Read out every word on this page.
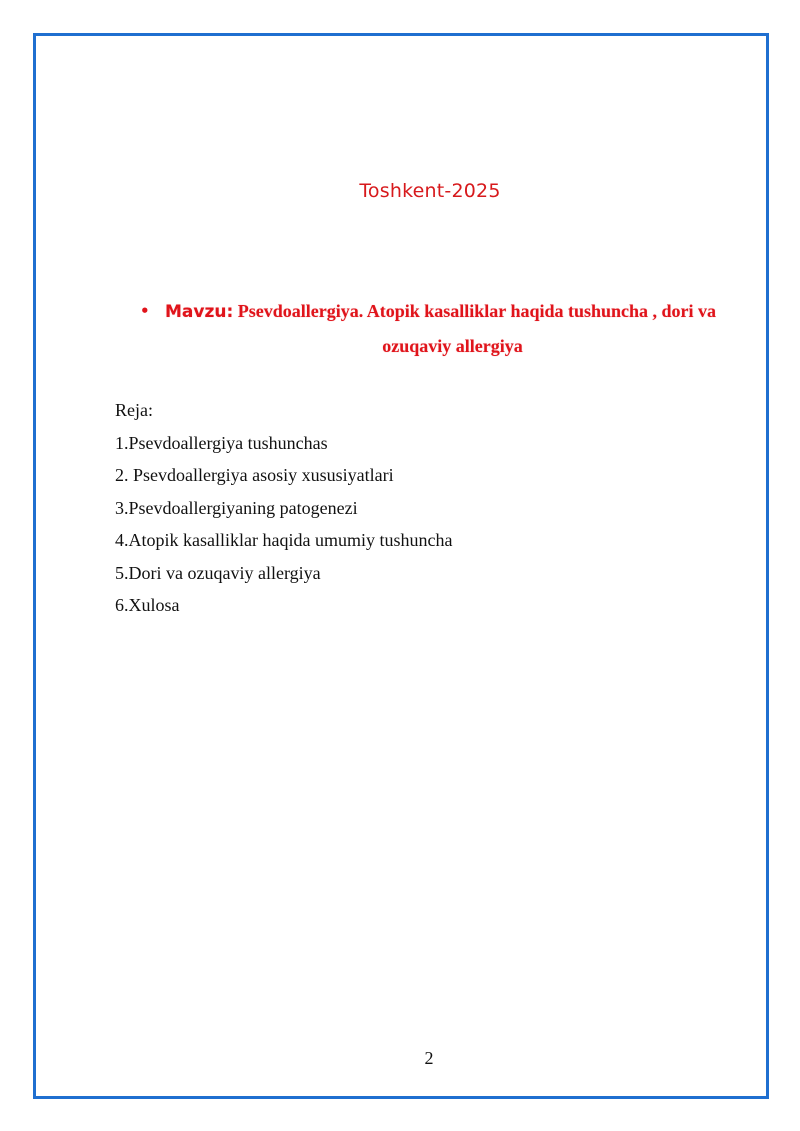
Toshkent-2025
• Mavzu: Psevdoallergiya. Atopik kasalliklar haqida tushuncha , dori va
ozuqaviy allergiya
Reja:
1.Psevdoallergiya tushunchas
2. Psevdoallergiya asosiy xususiyatlari
3.Psevdoallergiyaning patogenezi
4.Atopik kasalliklar haqida umumiy tushuncha
5.Dori va ozuqaviy allergiya
6.Xulosa
2
